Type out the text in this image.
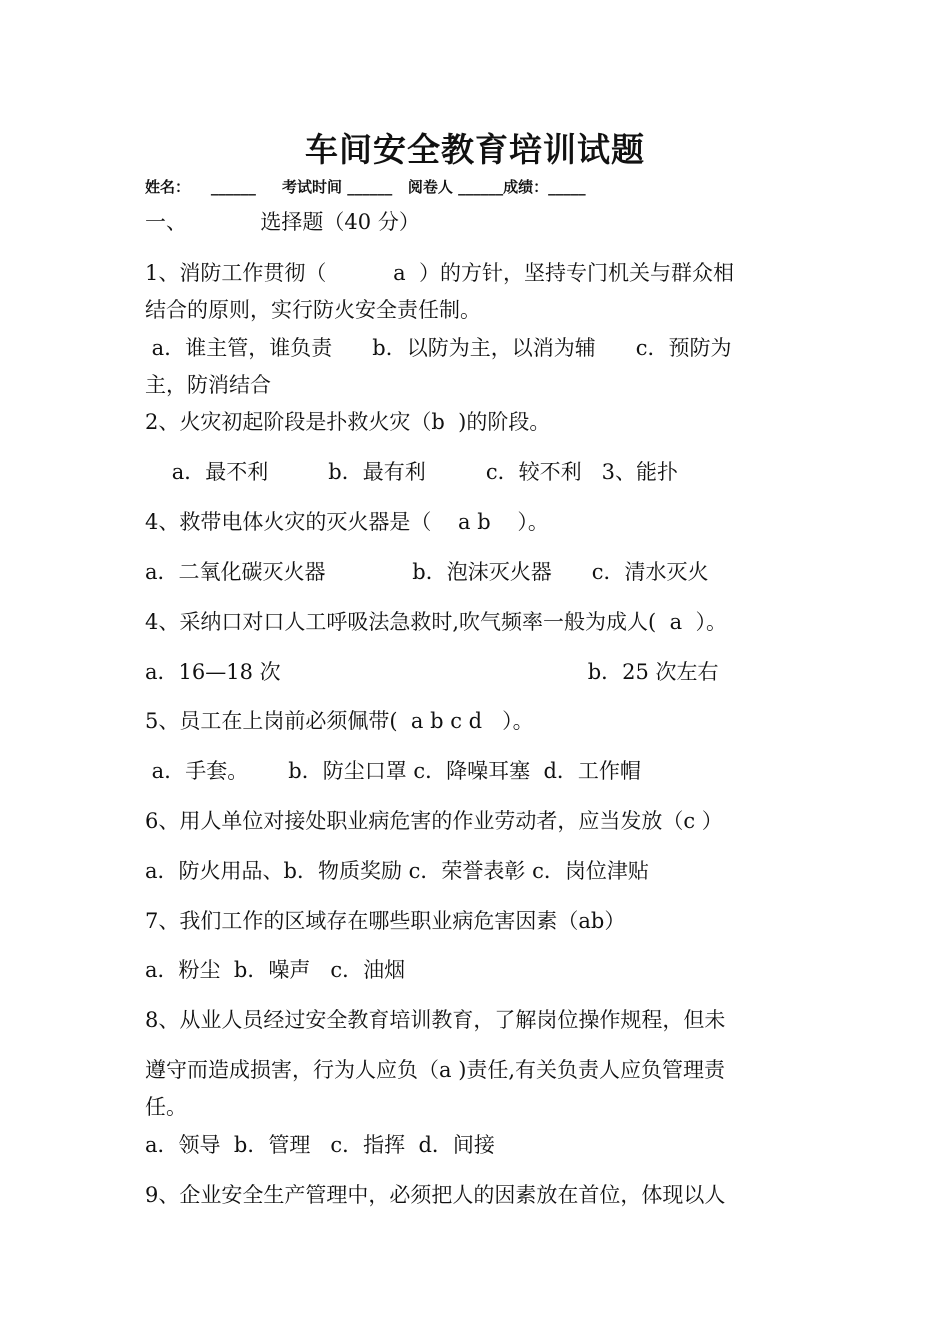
车间安全教育培训试题
姓名：    ______     考试时间 ______   阅卷人 ______成绩：_____
一、           选择题（40 分）
1、消防工作贯彻（          a  ）的方针，坚持专门机关与群众相
结合的原则，实行防火安全责任制。
a．谁主管，谁负责      b．以防为主，以消为辅      c．预防为
主，防消结合
2、火灾初起阶段是扑救火灾（b  )的阶段。
a．最不利         b．最有利         c．较不利   3、能扑
4、救带电体火灾的灭火器是（    a b    ）。
a．二氧化碳灭火器             b．泡沫灭火器      c．清水灭火
4、采纳口对口人工呼吸法急救时,吹气频率一般为成人(  a  ）。
a．16—18 次                                              b．25 次左右
5、员工在上岗前必须佩带(  a b c d   ）。
a．手套。      b．防尘口罩 c．降噪耳塞  d．工作帽
6、用人单位对接处职业病危害的作业劳动者，应当发放（c ）
a．防火用品、b．物质奖励 c．荣誉表彰 c．岗位津贴
7、我们工作的区域存在哪些职业病危害因素（ab）
a．粉尘  b．噪声   c．油烟
8、从业人员经过安全教育培训教育，了解岗位操作规程，但未
遵守而造成损害，行为人应负（a )责任,有关负责人应负管理责
任。
a．领导  b．管理   c．指挥  d．间接
9、企业安全生产管理中，必须把人的因素放在首位，体现以人
